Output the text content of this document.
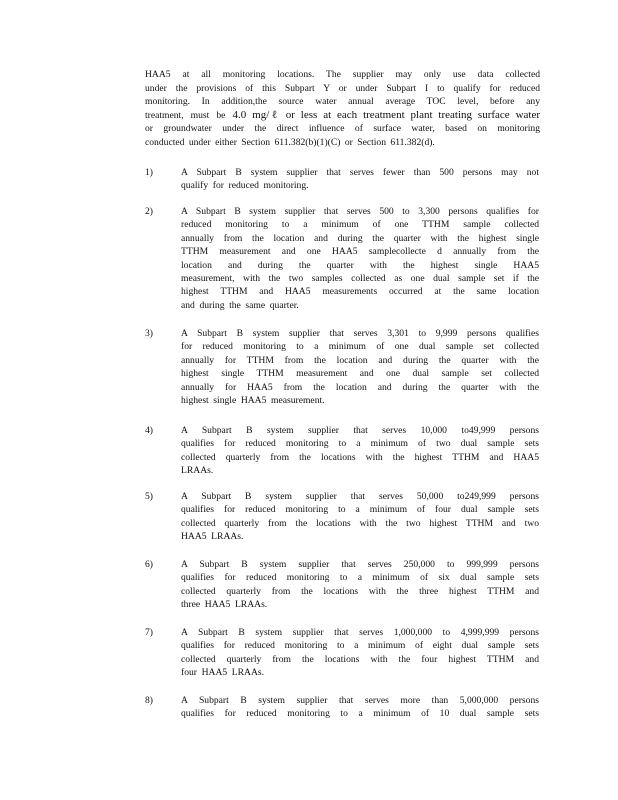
HAA5 at all monitoring locations. The supplier may only use data collected
under the provisions of this Subpart Y or under Subpart I to qualify for reduced
monitoring. In addition,the source water annual average TOC level, before any
treatment, must be 4.0 mg/ℓ or less at each treatment plant treating surface water
or groundwater under the direct influence of surface water, based on monitoring
conducted under either Section 611.382(b)(1)(C) or Section 611.382(d).
1)	A Subpart B system supplier that serves fewer than 500 persons may not
qualify for reduced monitoring.
2)	A Subpart B system supplier that serves 500 to 3,300 persons qualifies for
reduced monitoring to a minimum of one TTHM sample collected
annually from the location and during the quarter with the highest single
TTHM measurement and one HAA5 samplecollecte d annually from the
location and during the quarter with the highest single HAA5
measurement, with the two samples collected as one dual sample set if the
highest TTHM and HAA5 measurements occurred at the same location
and during the same quarter.
3)	A Subpart B system supplier that serves 3,301 to 9,999 persons qualifies
for reduced monitoring to a minimum of one dual sample set collected
annually for TTHM from the location and during the quarter with the
highest single TTHM measurement and one dual sample set collected
annually for HAA5 from the location and during the quarter with the
highest single HAA5 measurement.
4)	A Subpart B system supplier that serves 10,000 to49,999 persons
qualifies for reduced monitoring to a minimum of two dual sample sets
collected quarterly from the locations with the highest TTHM and HAA5
LRAAs.
5)	A Subpart B system supplier that serves 50,000 to249,999 persons
qualifies for reduced monitoring to a minimum of four dual sample sets
collected quarterly from the locations with the two highest TTHM and two
HAA5 LRAAs.
6)	A Subpart B system supplier that serves 250,000 to 999,999 persons
qualifies for reduced monitoring to a minimum of six dual sample sets
collected quarterly from the locations with the three highest TTHM and
three HAA5 LRAAs.
7)	A Subpart B system supplier that serves 1,000,000 to 4,999,999 persons
qualifies for reduced monitoring to a minimum of eight dual sample sets
collected quarterly from the locations with the four highest TTHM and
four HAA5 LRAAs.
8)	A Subpart B system supplier that serves more than 5,000,000 persons
qualifies for reduced monitoring to a minimum of 10 dual sample sets
